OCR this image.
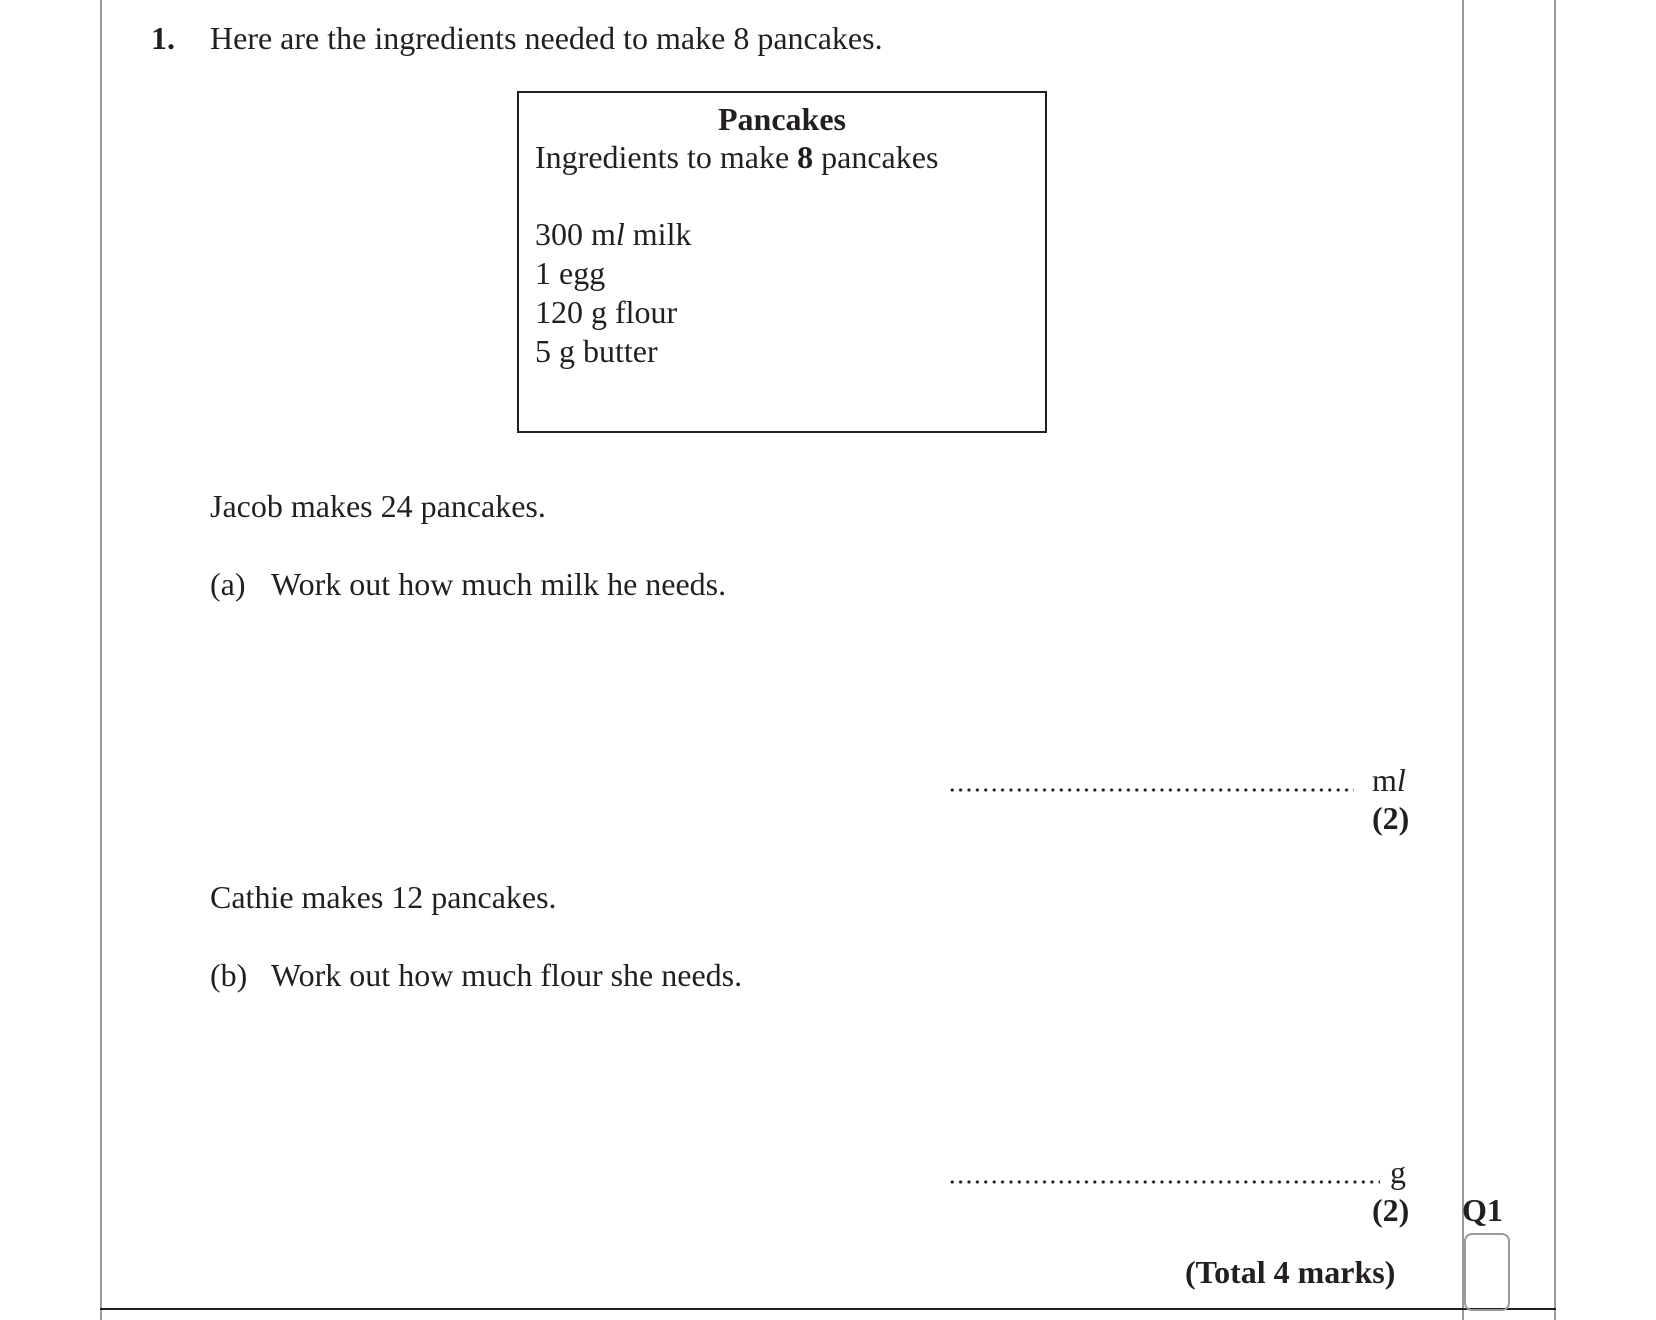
1. Here are the ingredients needed to make 8 pancakes.
Pancakes
Ingredients to make 8 pancakes
300 ml milk
1 egg
120 g flour
5 g butter
Jacob makes 24 pancakes.
(a) Work out how much milk he needs.
ml
(2)
Cathie makes 12 pancakes.
(b) Work out how much flour she needs.
g
(2)
(Total 4 marks)
Q1
